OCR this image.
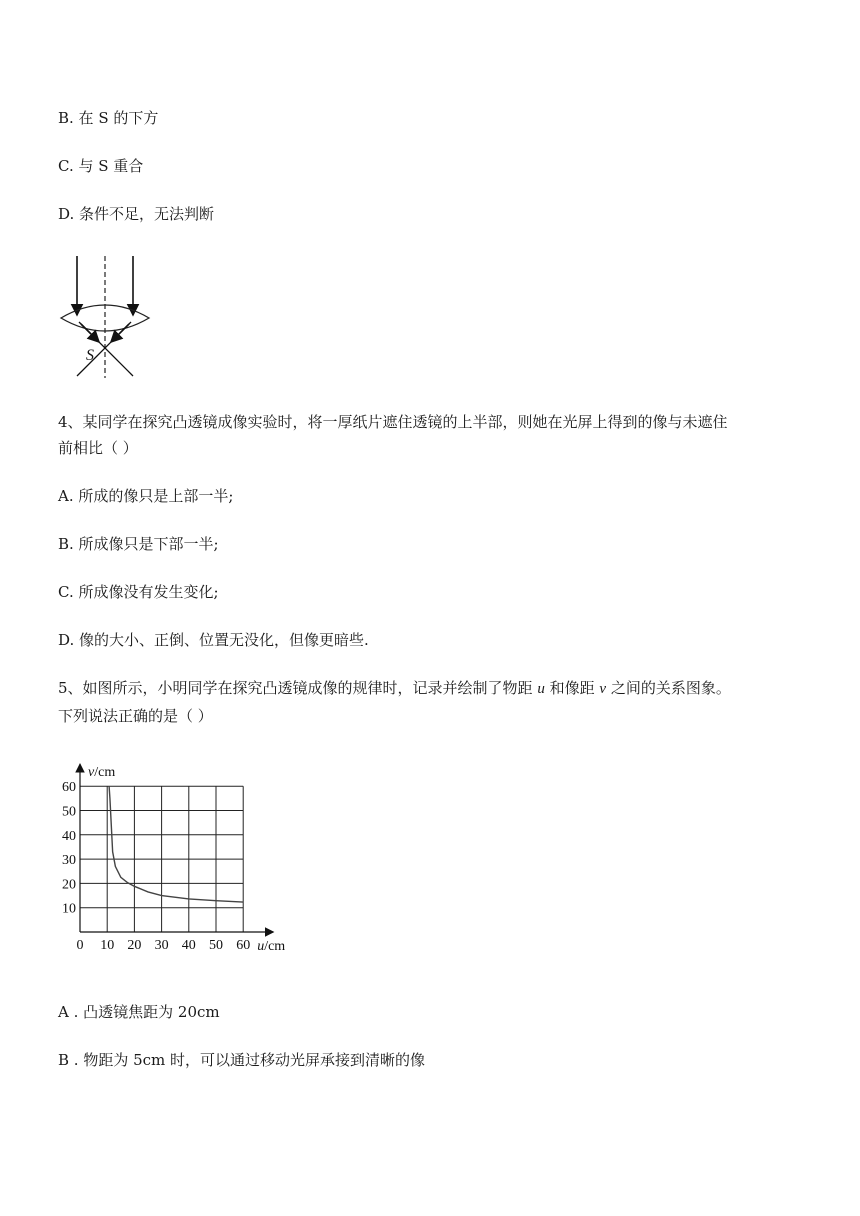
B. 在 S 的下方
C. 与 S 重合
D. 条件不足，无法判断
S
4、某同学在探究凸透镜成像实验时，将一厚纸片遮住透镜的上半部，则她在光屏上得到的像与未遮住
前相比（ ）
A. 所成的像只是上部一半;
B. 所成像只是下部一半;
C. 所成像没有发生变化;
D. 像的大小、正倒、位置无没化，但像更暗些.
5、如图所示，小明同学在探究凸透镜成像的规律时，记录并绘制了物距 u 和像距 v 之间的关系图象。
下列说法正确的是（ ）
0 10 20 30 40 50 60
10
20
30
40
50
60
v/cm
u/cm
A . 凸透镜焦距为 20cm
B . 物距为 5cm 时，可以通过移动光屏承接到清晰的像
